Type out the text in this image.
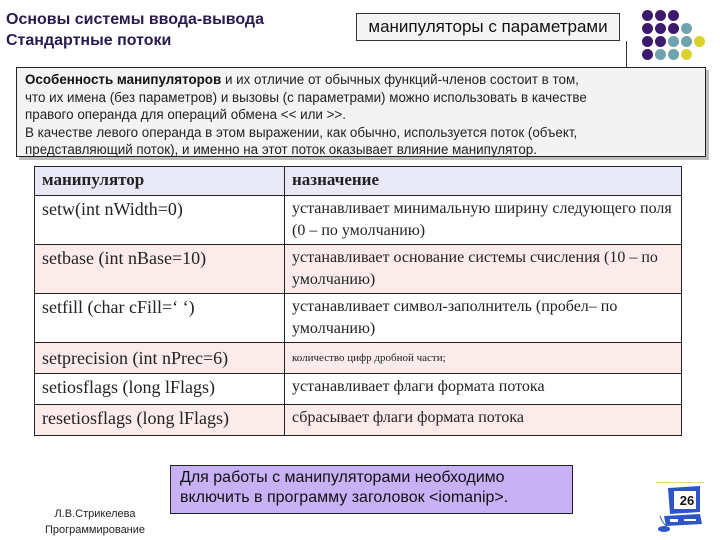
Основы системы ввода-вывода
Стандартные потоки
манипуляторы с параметрами
Особенность манипуляторов и их отличие от обычных функций-членов состоит в том,
что их имена (без параметров) и вызовы (с параметрами) можно использовать в качестве
правого операнда для операций обмена << или >>.
В качестве левого операнда в этом выражении, как обычно, используется поток (объект,
представляющий поток), и именно на этот поток оказывает влияние манипулятор.
манипулятор	назначение
setw(int nWidth=0)	устанавливает минимальную ширину следующего поля (0 – по умолчанию)
setbase (int nBase=10)	устанавливает основание системы счисления (10 – по умолчанию)
setfill (char cFill=‘ ‘)	устанавливает символ-заполнитель (пробел– по умолчанию)
setprecision (int nPrec=6)	количество цифр дробной части;
setiosflags (long lFlags)	устанавливает флаги формата потока
resetiosflags (long lFlags)	сбрасывает флаги формата потока
Для работы с манипуляторами необходимо
включить в программу заголовок <iomanip>.
Л.В.Стрикелева
Программирование
26
